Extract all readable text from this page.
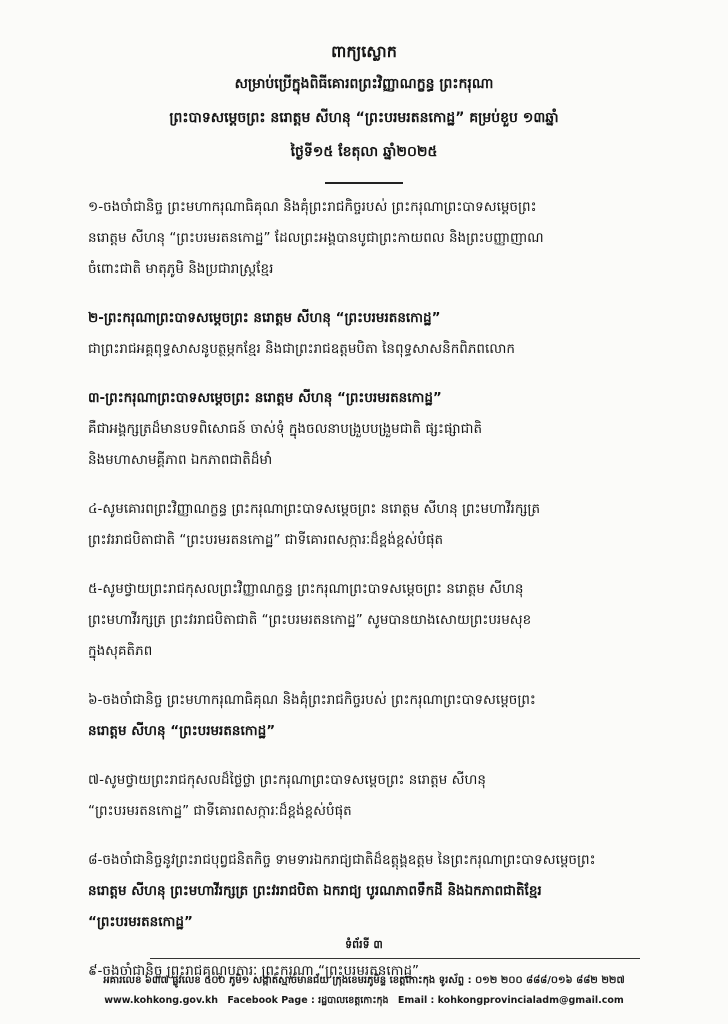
ពាក្យស្លោក
សម្រាប់ប្រើក្នុងពិធីគោរពព្រះវិញ្ញាណក្ខន្ធ ព្រះករុណា
ព្រះបាទសម្តេចព្រះ នរោត្តម សីហនុ “ព្រះបរមរតនកោដ្ឋ” គម្រប់ខួប ១៣ឆ្នាំ
ថ្ងៃទី១៥ ខែតុលា ឆ្នាំ២០២៥
១-ចងចាំជានិច្ច ព្រះមហាករុណាធិគុណ និងគុំព្រះរាជកិច្ចរបស់ ព្រះករុណាព្រះបាទសម្តេចព្រះ
នរោត្តម សីហនុ “ព្រះបរមរតនកោដ្ឋ” ដែលព្រះអង្គបានបូជាព្រះកាយពល និងព្រះបញ្ញាញាណ
ចំពោះជាតិ មាតុភូមិ និងប្រជារាស្ត្រខ្មែរ
២-ព្រះករុណាព្រះបាទសម្តេចព្រះ នរោត្តម សីហនុ “ព្រះបរមរតនកោដ្ឋ”
ជាព្រះរាជអគ្គពុទ្ធសាសនូបត្ថម្ភកខ្មែរ និងជាព្រះរាជឧត្តមបិតា នៃពុទ្ធសាសនិកពិភពលោក
៣-ព្រះករុណាព្រះបាទសម្តេចព្រះ នរោត្តម សីហនុ “ព្រះបរមរតនកោដ្ឋ”
គឺជាអង្គក្សត្រដ៏មានបទពិសោធន៍ ចាស់ទុំ ក្នុងចលនាបង្រួបបង្រួមជាតិ ផ្សះផ្សាជាតិ
និងមហាសាមគ្គីភាព ឯកភាពជាតិដ៏មាំ
៤-សូមគោរពព្រះវិញ្ញាណក្ខន្ធ ព្រះករុណាព្រះបាទសម្តេចព្រះ នរោត្តម សីហនុ ព្រះមហាវីរក្សត្រ
ព្រះវររាជបិតាជាតិ “ព្រះបរមរតនកោដ្ឋ” ជាទីគោរពសក្ការៈដ៏ខ្ពង់ខ្ពស់បំផុត
៥-សូមថ្វាយព្រះរាជកុសលព្រះវិញ្ញាណក្ខន្ធ ព្រះករុណាព្រះបាទសម្តេចព្រះ នរោត្តម សីហនុ
ព្រះមហាវីរក្សត្រ ព្រះវររាជបិតាជាតិ “ព្រះបរមរតនកោដ្ឋ” សូមបានយាងសោយព្រះបរមសុខ
ក្នុងសុគតិភព
៦-ចងចាំជានិច្ច ព្រះមហាករុណាធិគុណ និងគុំព្រះរាជកិច្ចរបស់ ព្រះករុណាព្រះបាទសម្តេចព្រះ
នរោត្តម សីហនុ “ព្រះបរមរតនកោដ្ឋ”
៧-សូមថ្វាយព្រះរាជកុសលដ៏ថ្លៃថ្លា ព្រះករុណាព្រះបាទសម្តេចព្រះ នរោត្តម សីហនុ
“ព្រះបរមរតនកោដ្ឋ” ជាទីគោរពសក្ការៈដ៏ខ្ពង់ខ្ពស់បំផុត
៨-ចងចាំជានិច្ចនូវព្រះរាជបុព្វជនិតកិច្ច ទាមទារឯករាជ្យជាតិដ៏ឧត្តុង្គឧត្តម នៃព្រះករុណាព្រះបាទសម្តេចព្រះ
នរោត្តម សីហនុ ព្រះមហាវីរក្សត្រ ព្រះវររាជបិតា ឯករាជ្យ បូរណភាពទឹកដី និងឯកភាពជាតិខ្មែរ
“ព្រះបរមរតនកោដ្ឋ”
៩-ចងចាំជានិច្ច ព្រះរាជគុណូបការៈ ព្រះករុណា “ព្រះបរមរតនកោដ្ឋ”
ទំព័រទី ៣
អគារលេខ ៦៣៧ ផ្លូវលេខ ៥០០ ភូមិ១ សង្កាត់ស្មាច់មានជ័យ ក្រុងខេមរភូមិន្ទ ខេត្តកោះកុង ទូរស័ព្ទ : ០១២ ២០០ ៨៨៨/០១៦ ៨៨២ ២២៧
www.kohkong.gov.kh Facebook Page : រដ្ឋបាលខេត្តកោះកុង Email : kohkongprovincialadm@gmail.com
